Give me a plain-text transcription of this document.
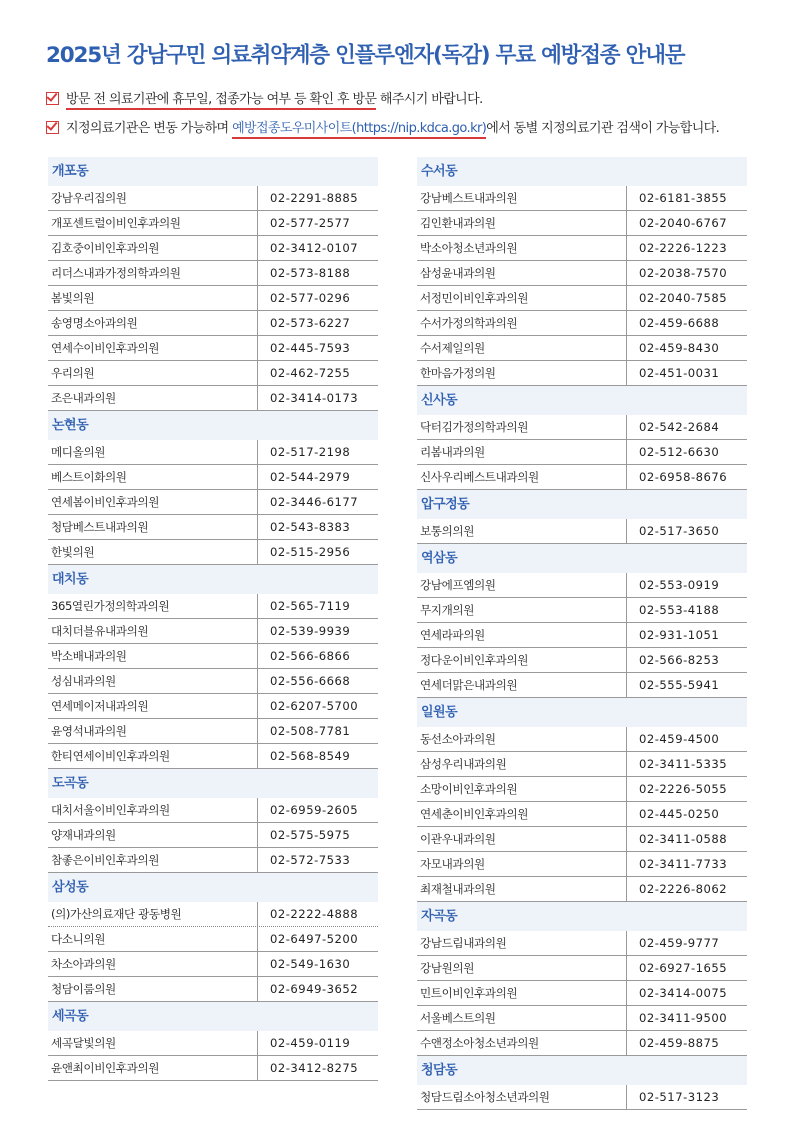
2025년 강남구민 의료취약계층 인플루엔자(독감) 무료 예방접종 안내문
방문 전 의료기관에 휴무일, 접종가능 여부 등 확인 후 방문 해주시기 바랍니다.
지정의료기관은 변동 가능하며 예방접종도우미사이트(https://nip.kdca.go.kr)에서 동별 지정의료기관 검색이 가능합니다.
개포동
강남우리집의원	02-2291-8885
개포센트럴이비인후과의원	02-577-2577
김호중이비인후과의원	02-3412-0107
리더스내과가정의학과의원	02-573-8188
봄빛의원	02-577-0296
송영명소아과의원	02-573-6227
연세수이비인후과의원	02-445-7593
우리의원	02-462-7255
조은내과의원	02-3414-0173
논현동
메디올의원	02-517-2198
베스트이화의원	02-544-2979
연세봄이비인후과의원	02-3446-6177
청담베스트내과의원	02-543-8383
한빛의원	02-515-2956
대치동
365열린가정의학과의원	02-565-7119
대치더블유내과의원	02-539-9939
박소배내과의원	02-566-6866
성심내과의원	02-556-6668
연세메이저내과의원	02-6207-5700
윤영석내과의원	02-508-7781
한티연세이비인후과의원	02-568-8549
도곡동
대치서울이비인후과의원	02-6959-2605
양재내과의원	02-575-5975
참좋은이비인후과의원	02-572-7533
삼성동
(의)가산의료재단 광동병원	02-2222-4888
다소니의원	02-6497-5200
차소아과의원	02-549-1630
청담이룸의원	02-6949-3652
세곡동
세곡달빛의원	02-459-0119
윤앤최이비인후과의원	02-3412-8275
수서동
강남베스트내과의원	02-6181-3855
김인환내과의원	02-2040-6767
박소아청소년과의원	02-2226-1223
삼성윤내과의원	02-2038-7570
서정민이비인후과의원	02-2040-7585
수서가정의학과의원	02-459-6688
수서제일의원	02-459-8430
한마음가정의원	02-451-0031
신사동
닥터김가정의학과의원	02-542-2684
리봄내과의원	02-512-6630
신사우리베스트내과의원	02-6958-8676
압구정동
보통의의원	02-517-3650
역삼동
강남에프엠의원	02-553-0919
무지개의원	02-553-4188
연세라파의원	02-931-1051
정다운이비인후과의원	02-566-8253
연세더맑은내과의원	02-555-5941
일원동
동선소아과의원	02-459-4500
삼성우리내과의원	02-3411-5335
소망이비인후과의원	02-2226-5055
연세춘이비인후과의원	02-445-0250
이관우내과의원	02-3411-0588
자모내과의원	02-3411-7733
최재철내과의원	02-2226-8062
자곡동
강남드림내과의원	02-459-9777
강남원의원	02-6927-1655
민트이비인후과의원	02-3414-0075
서울베스트의원	02-3411-9500
수앤정소아청소년과의원	02-459-8875
청담동
청담드림소아청소년과의원	02-517-3123
